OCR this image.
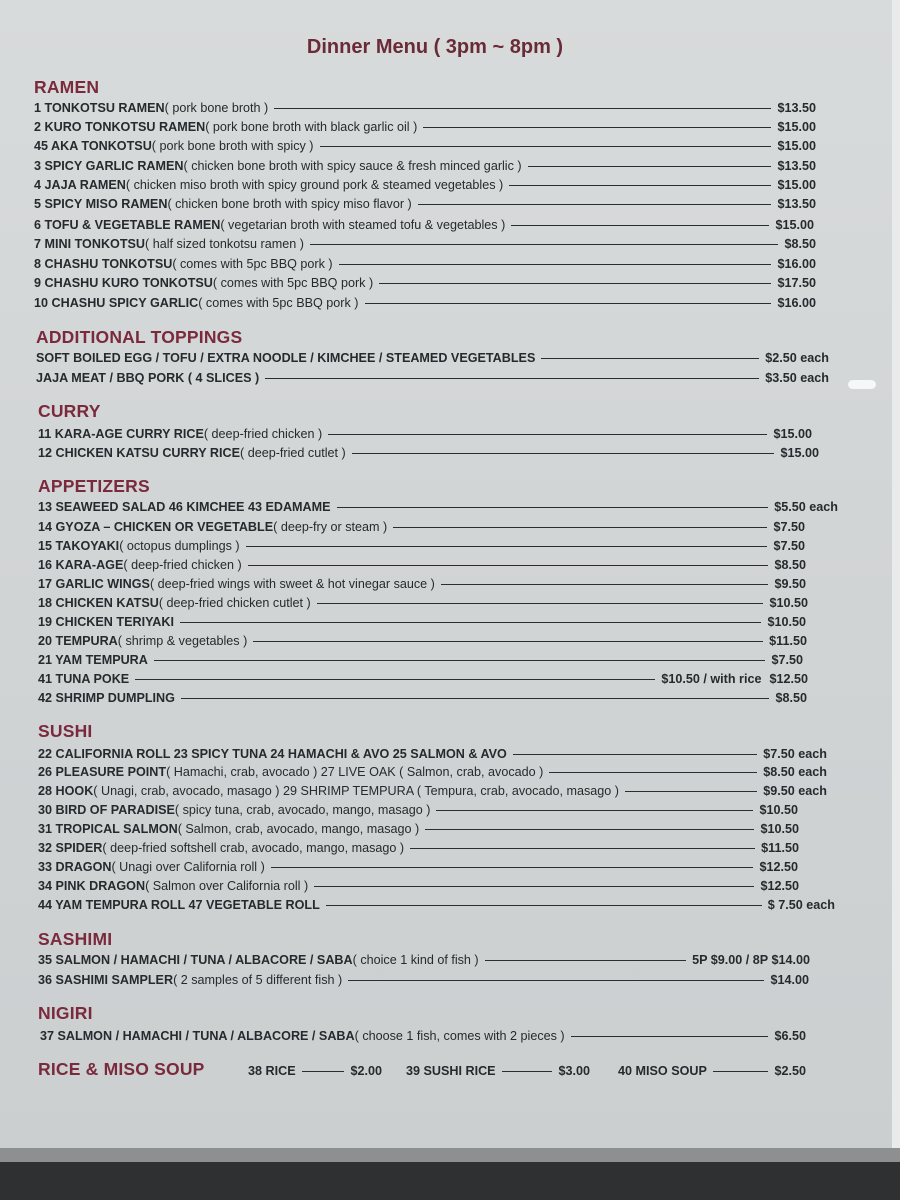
Dinner Menu ( 3pm ~ 8pm )
RAMEN
1 TONKOTSU RAMEN ( pork bone broth )	$13.50
2 KURO TONKOTSU RAMEN ( pork bone broth with black garlic oil )	$15.00
45 AKA TONKOTSU ( pork bone broth with spicy )	$15.00
3 SPICY GARLIC RAMEN ( chicken bone broth with spicy sauce & fresh minced garlic )	$13.50
4 JAJA RAMEN ( chicken miso broth with spicy ground pork & steamed vegetables )	$15.00
5 SPICY MISO RAMEN ( chicken bone broth with spicy miso flavor )	$13.50
6 TOFU & VEGETABLE RAMEN ( vegetarian broth with steamed tofu & vegetables )	$15.00
7 MINI TONKOTSU ( half sized tonkotsu ramen )	$8.50
8 CHASHU TONKOTSU ( comes with 5pc BBQ pork )	$16.00
9 CHASHU KURO TONKOTSU ( comes with 5pc BBQ pork )	$17.50
10 CHASHU SPICY GARLIC ( comes with 5pc BBQ pork )	$16.00
ADDITIONAL TOPPINGS
SOFT BOILED EGG / TOFU / EXTRA NOODLE / KIMCHEE / STEAMED VEGETABLES	$2.50 each
JAJA MEAT / BBQ PORK ( 4 SLICES )	$3.50 each
CURRY
11 KARA-AGE CURRY RICE ( deep-fried chicken )	$15.00
12 CHICKEN KATSU CURRY RICE ( deep-fried cutlet )	$15.00
APPETIZERS
13 SEAWEED SALAD 46 KIMCHEE 43 EDAMAME	$5.50 each
14 GYOZA – CHICKEN OR VEGETABLE ( deep-fry or steam )	$7.50
15 TAKOYAKI ( octopus dumplings )	$7.50
16 KARA-AGE ( deep-fried chicken )	$8.50
17 GARLIC WINGS ( deep-fried wings with sweet & hot vinegar sauce )	$9.50
18 CHICKEN KATSU ( deep-fried chicken cutlet )	$10.50
19 CHICKEN TERIYAKI	$10.50
20 TEMPURA ( shrimp & vegetables )	$11.50
21 YAM TEMPURA	$7.50
41 TUNA POKE	$10.50 / with rice $12.50
42 SHRIMP DUMPLING	$8.50
SUSHI
22 CALIFORNIA ROLL 23 SPICY TUNA 24 HAMACHI & AVO 25 SALMON & AVO	$7.50 each
26 PLEASURE POINT ( Hamachi, crab, avocado ) 27 LIVE OAK ( Salmon, crab, avocado )	$8.50 each
28 HOOK ( Unagi, crab, avocado, masago ) 29 SHRIMP TEMPURA ( Tempura, crab, avocado, masago )	$9.50 each
30 BIRD OF PARADISE ( spicy tuna, crab, avocado, mango, masago )	$10.50
31 TROPICAL SALMON ( Salmon, crab, avocado, mango, masago )	$10.50
32 SPIDER ( deep-fried softshell crab, avocado, mango, masago )	$11.50
33 DRAGON ( Unagi over California roll )	$12.50
34 PINK DRAGON ( Salmon over California roll )	$12.50
44 YAM TEMPURA ROLL 47 VEGETABLE ROLL	$ 7.50 each
SASHIMI
35 SALMON / HAMACHI / TUNA / ALBACORE / SABA ( choice 1 kind of fish )	5P $9.00 / 8P $14.00
36 SASHIMI SAMPLER ( 2 samples of 5 different fish )	$14.00
NIGIRI
37 SALMON / HAMACHI / TUNA / ALBACORE / SABA ( choose 1 fish, comes with 2 pieces )	$6.50
RICE & MISO SOUP	38 RICE	$2.00 39 SUSHI RICE	$3.00 40 MISO SOUP	$2.50
